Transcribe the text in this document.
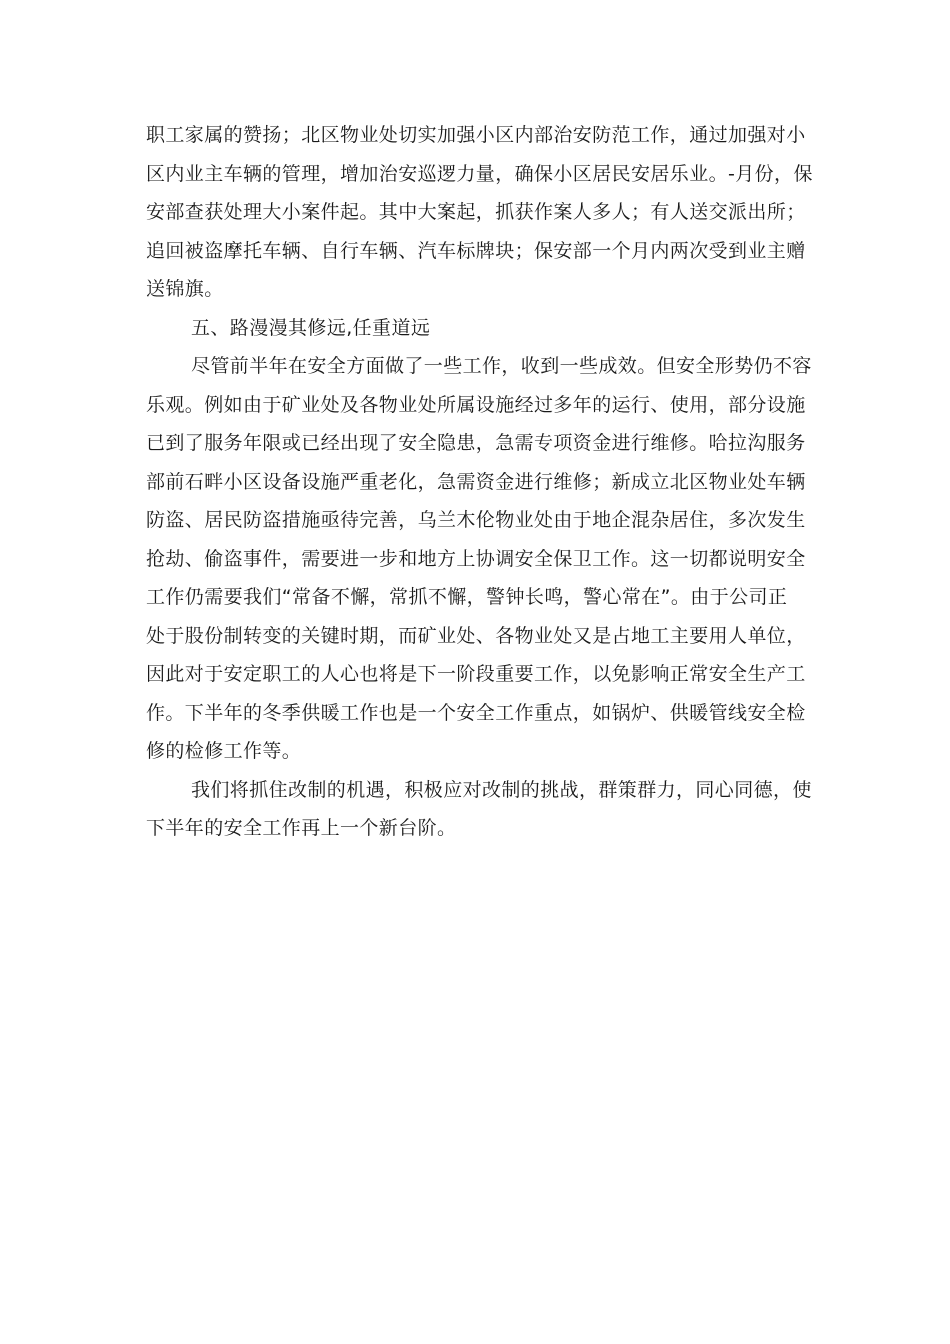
职工家属的赞扬；北区物业处切实加强小区内部治安防范工作，通过加强对小
区内业主车辆的管理，增加治安巡逻力量，确保小区居民安居乐业。-月份，保
安部查获处理大小案件起。其中大案起，抓获作案人多人；有人送交派出所；
追回被盗摩托车辆、自行车辆、汽车标牌块；保安部一个月内两次受到业主赠
送锦旗。

五、路漫漫其修远,任重道远

尽管前半年在安全方面做了一些工作，收到一些成效。但安全形势仍不容
乐观。例如由于矿业处及各物业处所属设施经过多年的运行、使用，部分设施
已到了服务年限或已经出现了安全隐患，急需专项资金进行维修。哈拉沟服务
部前石畔小区设备设施严重老化，急需资金进行维修；新成立北区物业处车辆
防盗、居民防盗措施亟待完善，乌兰木伦物业处由于地企混杂居住，多次发生
抢劫、偷盗事件，需要进一步和地方上协调安全保卫工作。这一切都说明安全
工作仍需要我们“常备不懈，常抓不懈，警钟长鸣，警心常在”。由于公司正
处于股份制转变的关键时期，而矿业处、各物业处又是占地工主要用人单位，
因此对于安定职工的人心也将是下一阶段重要工作，以免影响正常安全生产工
作。下半年的冬季供暖工作也是一个安全工作重点，如锅炉、供暖管线安全检
修的检修工作等。

我们将抓住改制的机遇，积极应对改制的挑战，群策群力，同心同德，使
下半年的安全工作再上一个新台阶。
